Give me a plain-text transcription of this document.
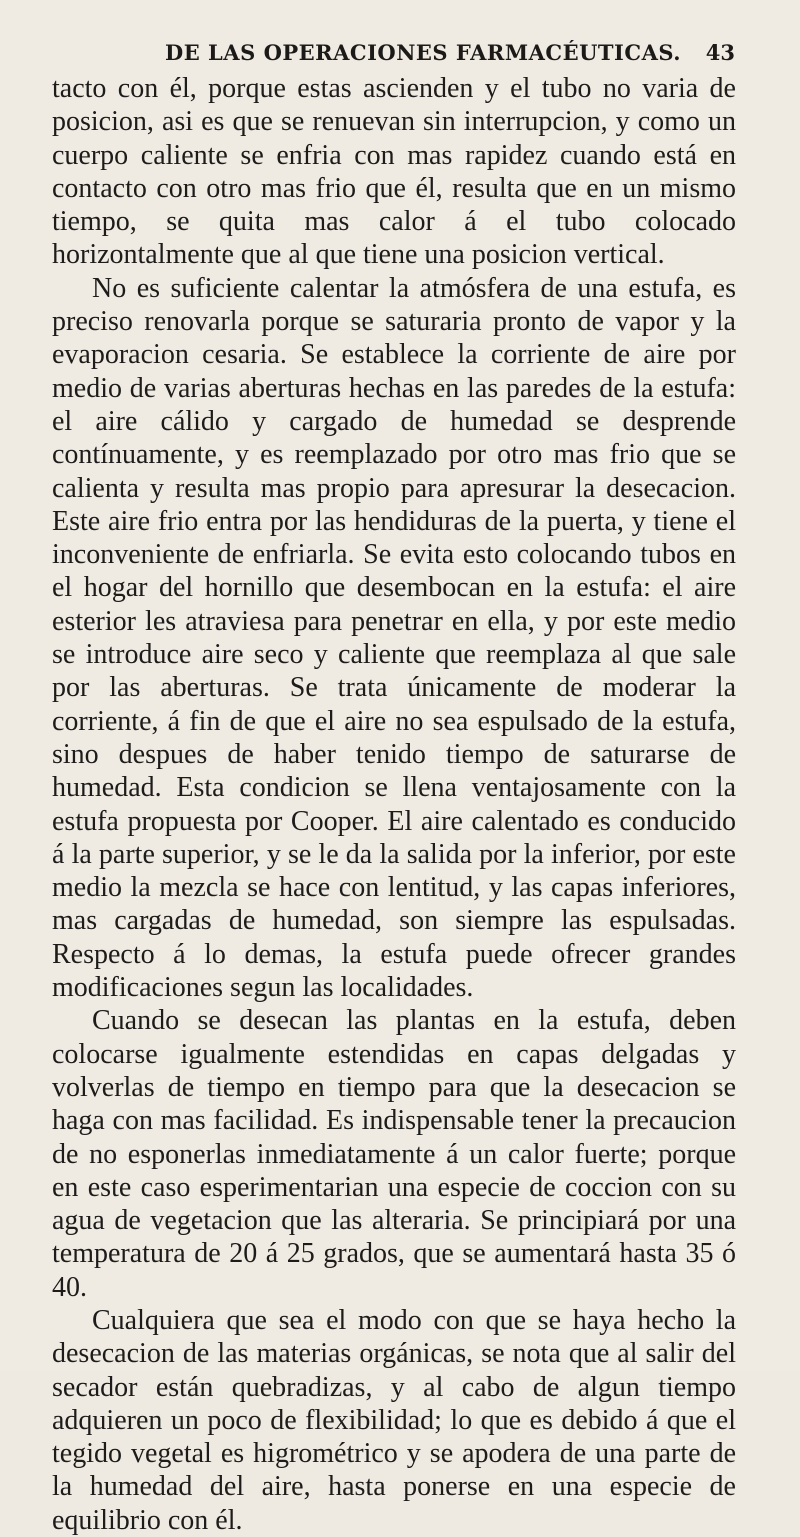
DE LAS OPERACIONES FARMACÉUTICAS. 43

tacto con él, porque estas ascienden y el tubo no varia de posicion, asi es que se renuevan sin interrupcion, y como un cuerpo caliente se enfria con mas rapidez cuando está en contacto con otro mas frio que él, resulta que en un mismo tiempo, se quita mas calor á el tubo colocado horizontalmente que al que tiene una posicion vertical.

No es suficiente calentar la atmósfera de una estufa, es preciso renovarla porque se saturaria pronto de vapor y la evaporacion cesaria. Se establece la corriente de aire por medio de varias aberturas hechas en las paredes de la estufa: el aire cálido y cargado de humedad se desprende contínuamente, y es reemplazado por otro mas frio que se calienta y resulta mas propio para apresurar la desecacion. Este aire frio entra por las hendiduras de la puerta, y tiene el inconveniente de enfriarla. Se evita esto colocando tubos en el hogar del hornillo que desembocan en la estufa: el aire esterior les atraviesa para penetrar en ella, y por este medio se introduce aire seco y caliente que reemplaza al que sale por las aberturas. Se trata únicamente de moderar la corriente, á fin de que el aire no sea espulsado de la estufa, sino despues de haber tenido tiempo de saturarse de humedad. Esta condicion se llena ventajosamente con la estufa propuesta por Cooper. El aire calentado es conducido á la parte superior, y se le da la salida por la inferior, por este medio la mezcla se hace con lentitud, y las capas inferiores, mas cargadas de humedad, son siempre las espulsadas. Respecto á lo demas, la estufa puede ofrecer grandes modificaciones segun las localidades.

Cuando se desecan las plantas en la estufa, deben colocarse igualmente estendidas en capas delgadas y volverlas de tiempo en tiempo para que la desecacion se haga con mas facilidad. Es indispensable tener la precaucion de no esponerlas inmediatamente á un calor fuerte; porque en este caso esperimentarian una especie de coccion con su agua de vegetacion que las alteraria. Se principiará por una temperatura de 20 á 25 grados, que se aumentará hasta 35 ó 40.

Cualquiera que sea el modo con que se haya hecho la desecacion de las materias orgánicas, se nota que al salir del secador están quebradizas, y al cabo de algun tiempo adquieren un poco de flexibilidad; lo que es debido á que el tegido vegetal es higrométrico y se apodera de una parte de la humedad del aire, hasta ponerse en una especie de equilibrio con él.
